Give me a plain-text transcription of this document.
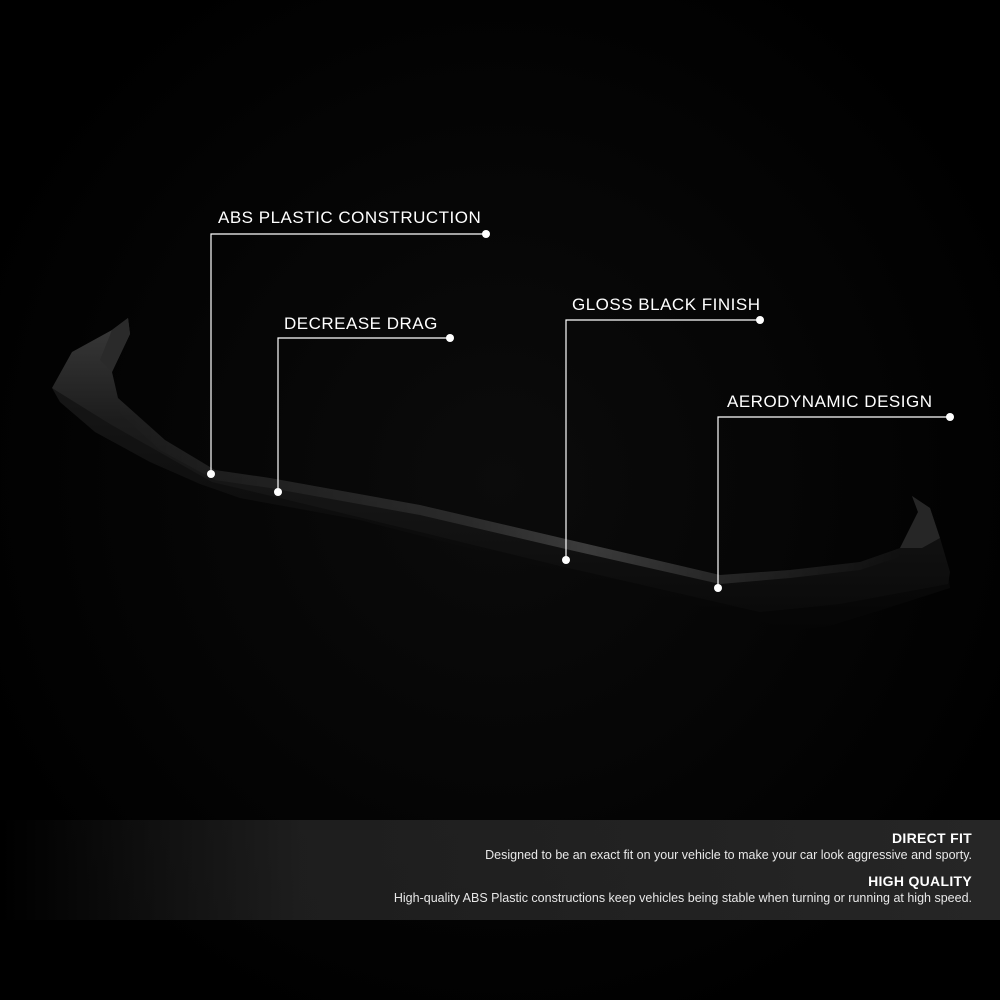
ABS PLASTIC CONSTRUCTION
DECREASE DRAG
GLOSS BLACK FINISH
AERODYNAMIC DESIGN
DIRECT FIT
Designed to be an exact fit on your vehicle to make your car look aggressive and sporty.
HIGH QUALITY
High-quality ABS Plastic constructions keep vehicles being stable when turning or running at high speed.
